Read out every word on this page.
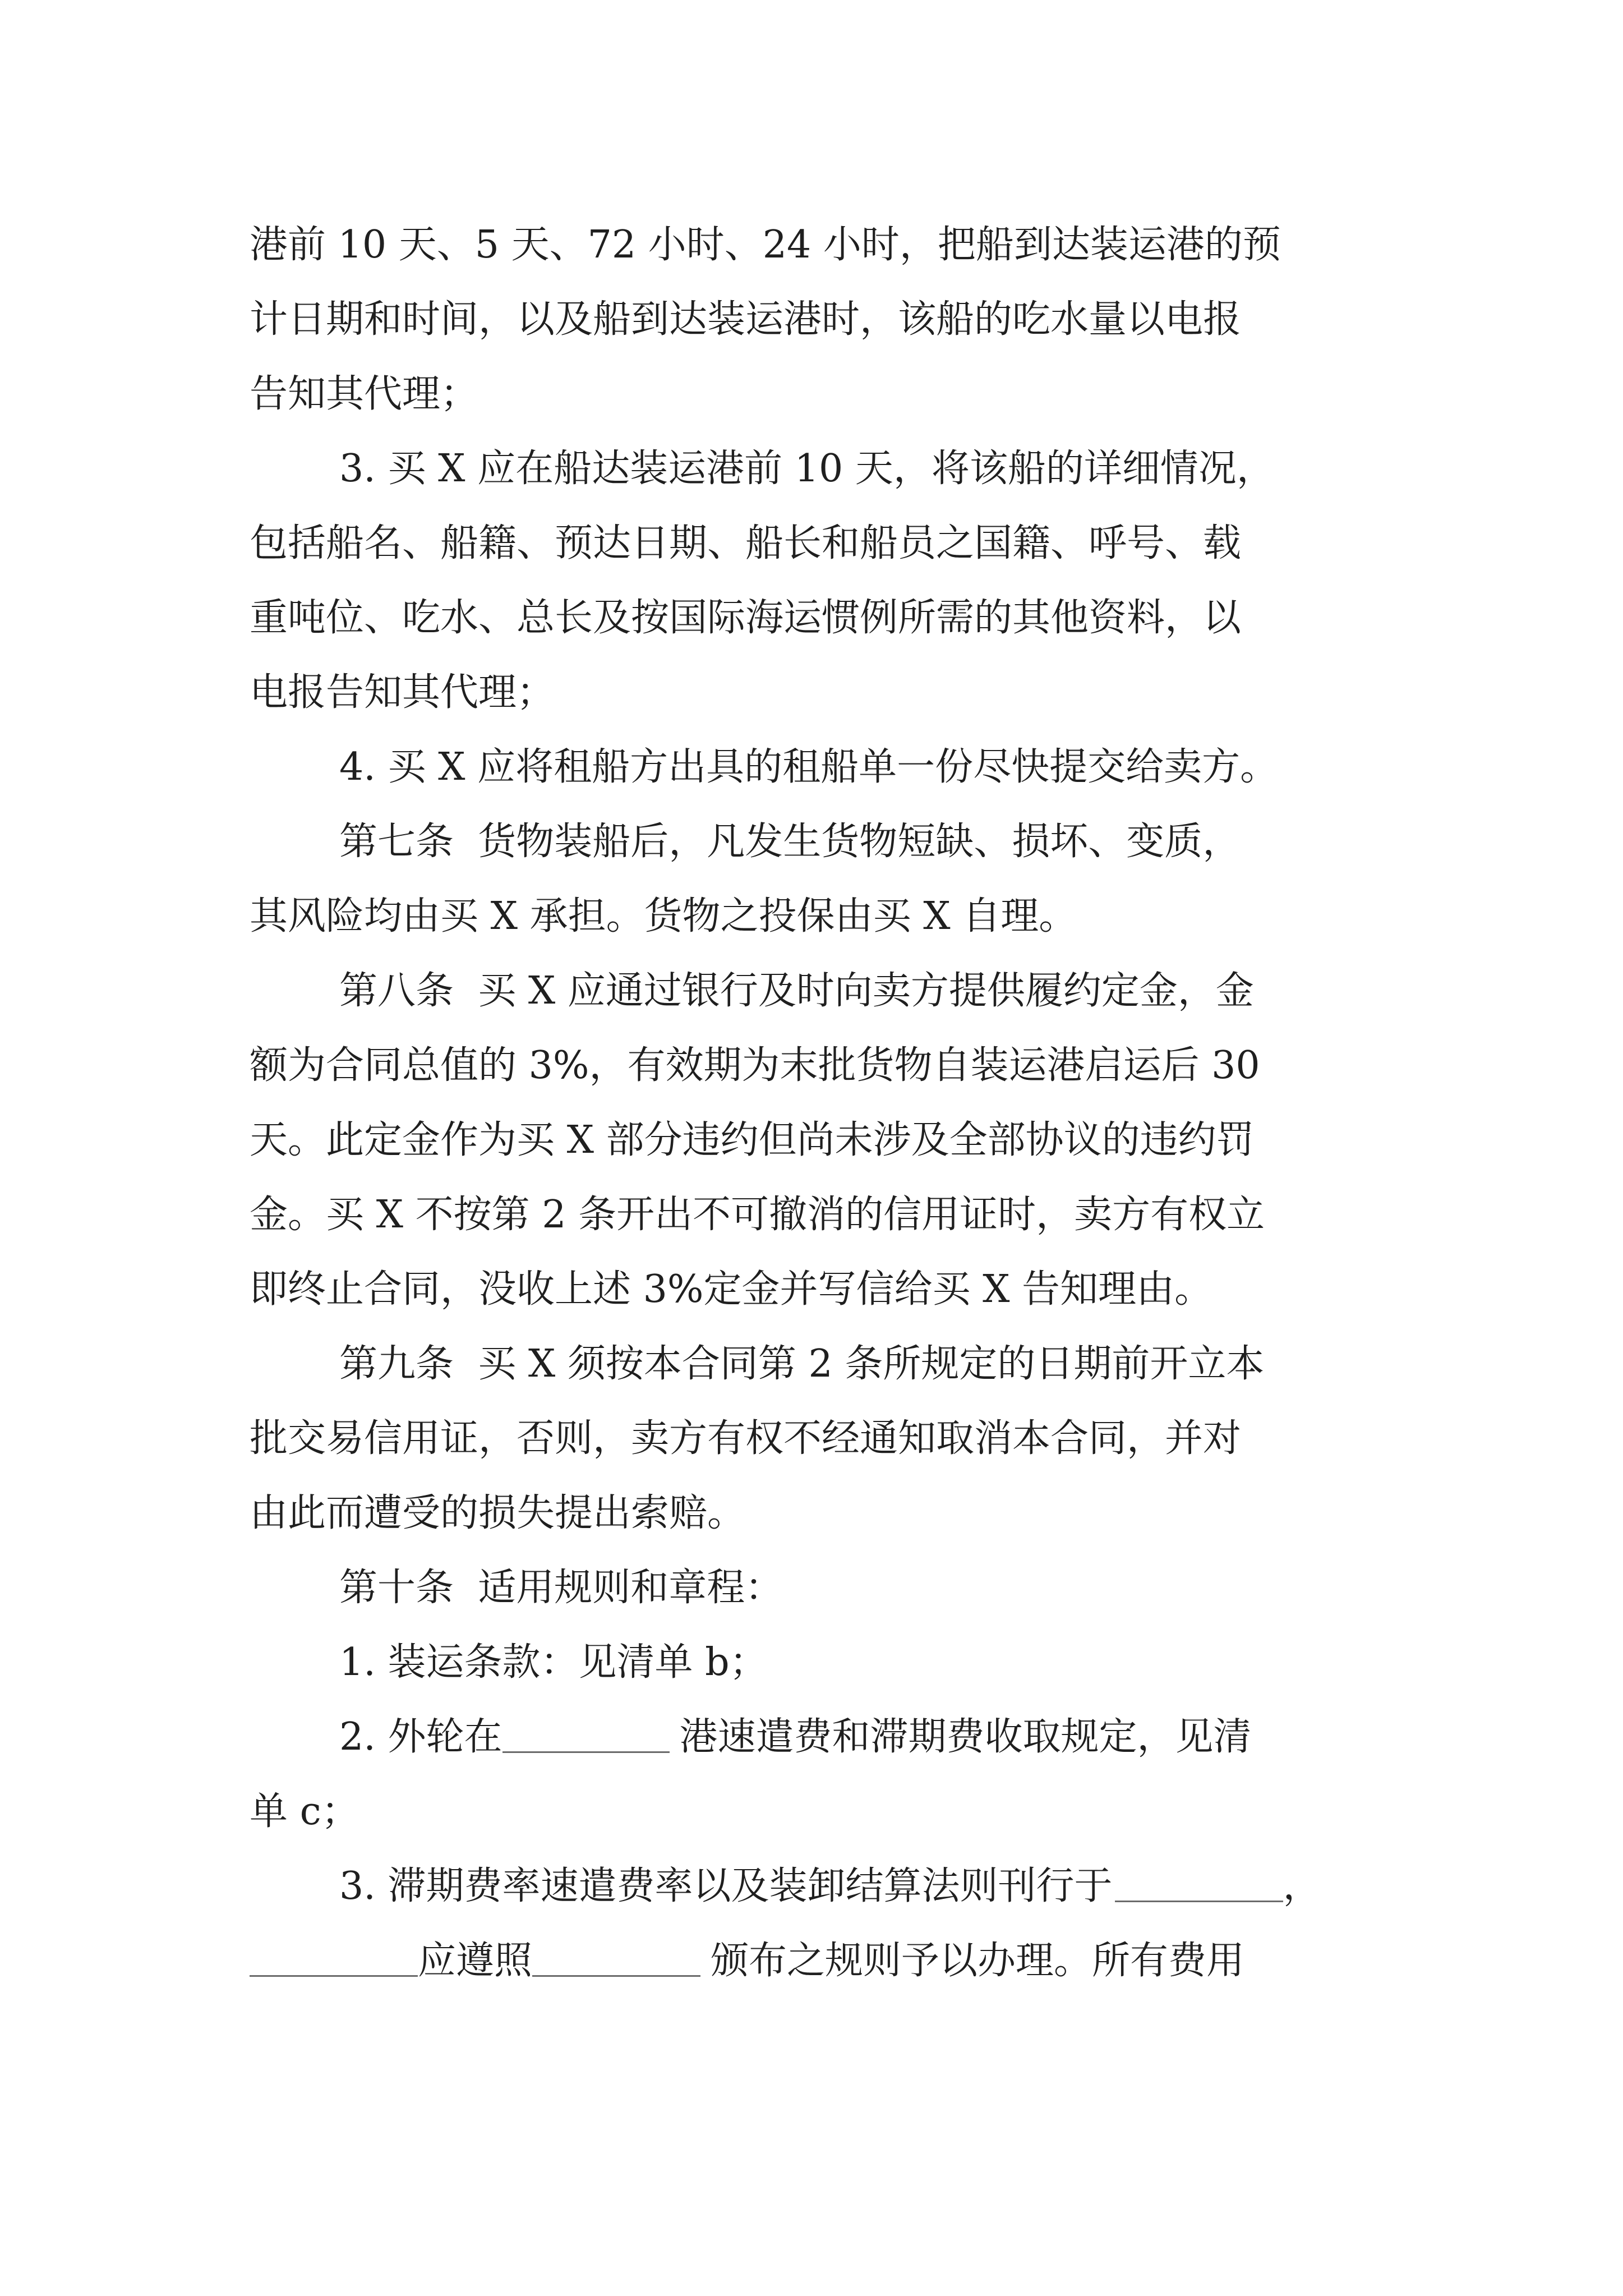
港前 10 天、5 天、72 小时、24 小时，把船到达装运港的预
计日期和时间，以及船到达装运港时，该船的吃水量以电报
告知其代理；
3. 买 X 应在船达装运港前 10 天，将该船的详细情况，
包括船名、船籍、预达日期、船长和船员之国籍、呼号、载
重吨位、吃水、总长及按国际海运惯例所需的其他资料，以
电报告知其代理；
4. 买 X 应将租船方出具的租船单一份尽快提交给卖方。
第七条  货物装船后，凡发生货物短缺、损坏、变质，
其风险均由买 X 承担。货物之投保由买 X 自理。
第八条  买 X 应通过银行及时向卖方提供履约定金，金
额为合同总值的 3%，有效期为末批货物自装运港启运后 30
天。此定金作为买 X 部分违约但尚未涉及全部协议的违约罚
金。买 X 不按第 2 条开出不可撤消的信用证时，卖方有权立
即终止合同，没收上述 3%定金并写信给买 X 告知理由。
第九条  买 X 须按本合同第 2 条所规定的日期前开立本
批交易信用证，否则，卖方有权不经通知取消本合同，并对
由此而遭受的损失提出索赔。
第十条  适用规则和章程：
1. 装运条款：见清单 b；
2. 外轮在	港速遣费和滞期费收取规定，见清
单 c；
3. 滞期费率速遣费率以及装卸结算法则刊行于	，
应遵照	颁布之规则予以办理。所有费用
